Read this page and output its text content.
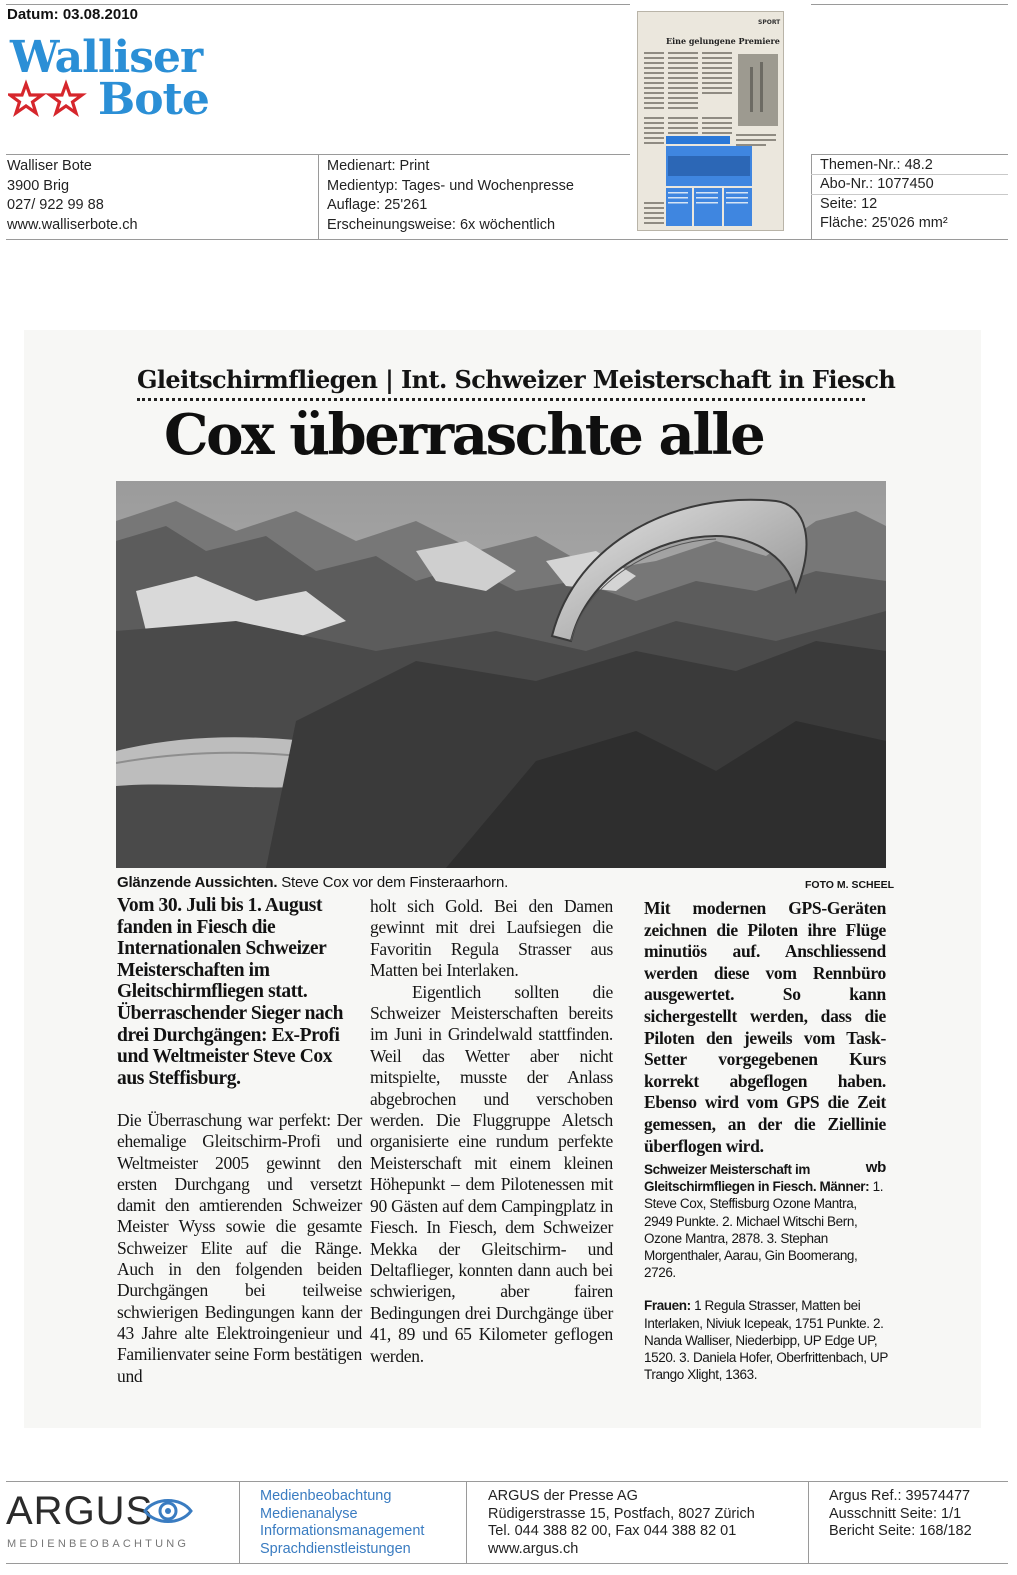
Datum: 03.08.2010
Walliser
Bote
Walliser Bote
3900 Brig
027/ 922 99 88
www.walliserbote.ch
Medienart: Print
Medientyp: Tages- und Wochenpresse
Auflage: 25'261
Erscheinungsweise: 6x wöchentlich
SPORT
Eine gelungene Premiere
Themen-Nr.: 48.2
Abo-Nr.: 1077450
Seite: 12
Fläche: 25'026 mm²
Gleitschirmfliegen | Int. Schweizer Meisterschaft in Fiesch
Cox überraschte alle
Glänzende Aussichten. Steve Cox vor dem Finsteraarhorn.	FOTO M. SCHEEL
Vom 30. Juli bis 1. August fanden in Fiesch die Internationalen Schweizer Meisterschaften im Gleitschirmfliegen statt. Überraschender Sieger nach drei Durchgängen: Ex-Profi und Weltmeister Steve Cox aus Steffisburg.

Die Überraschung war perfekt: Der ehemalige Gleitschirm-Profi und Weltmeister 2005 gewinnt den ersten Durchgang und versetzt damit den amtierenden Schweizer Meister Wyss sowie die gesamte Schweizer Elite auf die Ränge. Auch in den folgenden beiden Durchgängen bei teilweise schwierigen Bedingungen kann der 43 Jahre alte Elektroingenieur und Familienvater seine Form bestätigen und

holt sich Gold. Bei den Damen gewinnt mit drei Laufsiegen die Favoritin Regula Strasser aus Matten bei Interlaken.

Eigentlich sollten die Schweizer Meisterschaften bereits im Juni in Grindelwald stattfinden. Weil das Wetter aber nicht mitspielte, musste der Anlass abgebrochen und verschoben werden. Die Fluggruppe Aletsch organisierte eine rundum perfekte Meisterschaft mit einem kleinen Höhepunkt – dem Pilotenessen mit 90 Gästen auf dem Campingplatz in Fiesch. In Fiesch, dem Schweizer Mekka der Gleitschirm- und Deltaflieger, konnten dann auch bei schwierigen, aber fairen Bedingungen drei Durchgänge über 41, 89 und 65 Kilometer geflogen werden.

Mit modernen GPS-Geräten zeichnen die Piloten ihre Flüge minutiös auf. Anschliessend werden diese vom Rennbüro ausgewertet. So kann sichergestellt werden, dass die Piloten den jeweils vom Task-Setter vorgegebenen Kurs korrekt abgeflogen haben. Ebenso wird vom GPS die Zeit gemessen, an der die Ziellinie überflogen wird.

wb

Schweizer Meisterschaft im Gleitschirmfliegen in Fiesch. Männer: 1. Steve Cox, Steffisburg Ozone Mantra, 2949 Punkte. 2. Michael Witschi Bern, Ozone Mantra, 2878. 3. Stephan Morgenthaler, Aarau, Gin Boomerang, 2726.

Frauen: 1 Regula Strasser, Matten bei Interlaken, Niviuk Icepeak, 1751 Punkte. 2. Nanda Walliser, Niederbipp, UP Edge UP, 1520. 3. Daniela Hofer, Oberfrittenbach, UP Trango Xlight, 1363.

ARGUS
MEDIENBEOBACHTUNG
Medienbeobachtung
Medienanalyse
Informationsmanagement
Sprachdienstleistungen
ARGUS der Presse AG
Rüdigerstrasse 15, Postfach, 8027 Zürich
Tel. 044 388 82 00, Fax 044 388 82 01
www.argus.ch
Argus Ref.: 39574477
Ausschnitt Seite: 1/1
Bericht Seite: 168/182
